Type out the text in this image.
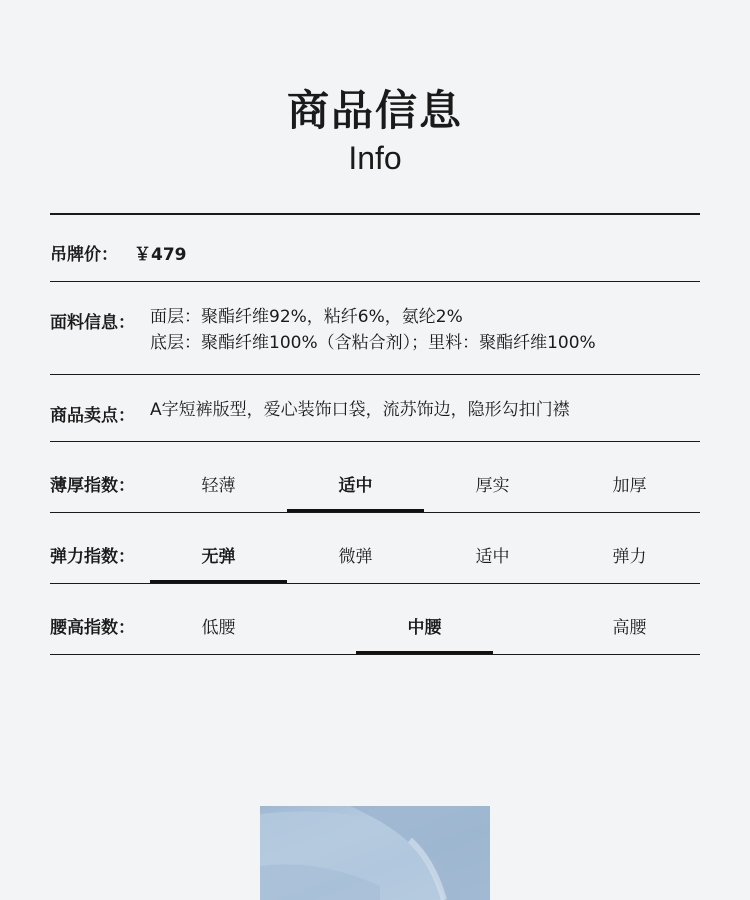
商品信息
Info
吊牌价： ￥479
面料信息： 面层：聚酯纤维92%，粘纤6%，氨纶2%
底层：聚酯纤维100%（含粘合剂）；里料：聚酯纤维100%
商品卖点： A字短裤版型，爱心装饰口袋，流苏饰边，隐形勾扣门襟
薄厚指数：	轻薄	适中	厚实	加厚
弹力指数：	无弹	微弹	适中	弹力
腰高指数：	低腰	中腰	高腰
